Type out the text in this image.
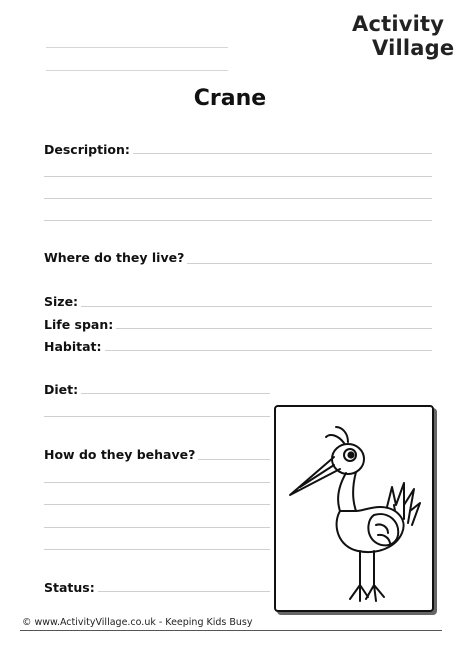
Activity
Village
Crane
Description:
Where do they live?
Size:
Life span:
Habitat:
Diet:
How do they behave?
Status:
© www.ActivityVillage.co.uk - Keeping Kids Busy
